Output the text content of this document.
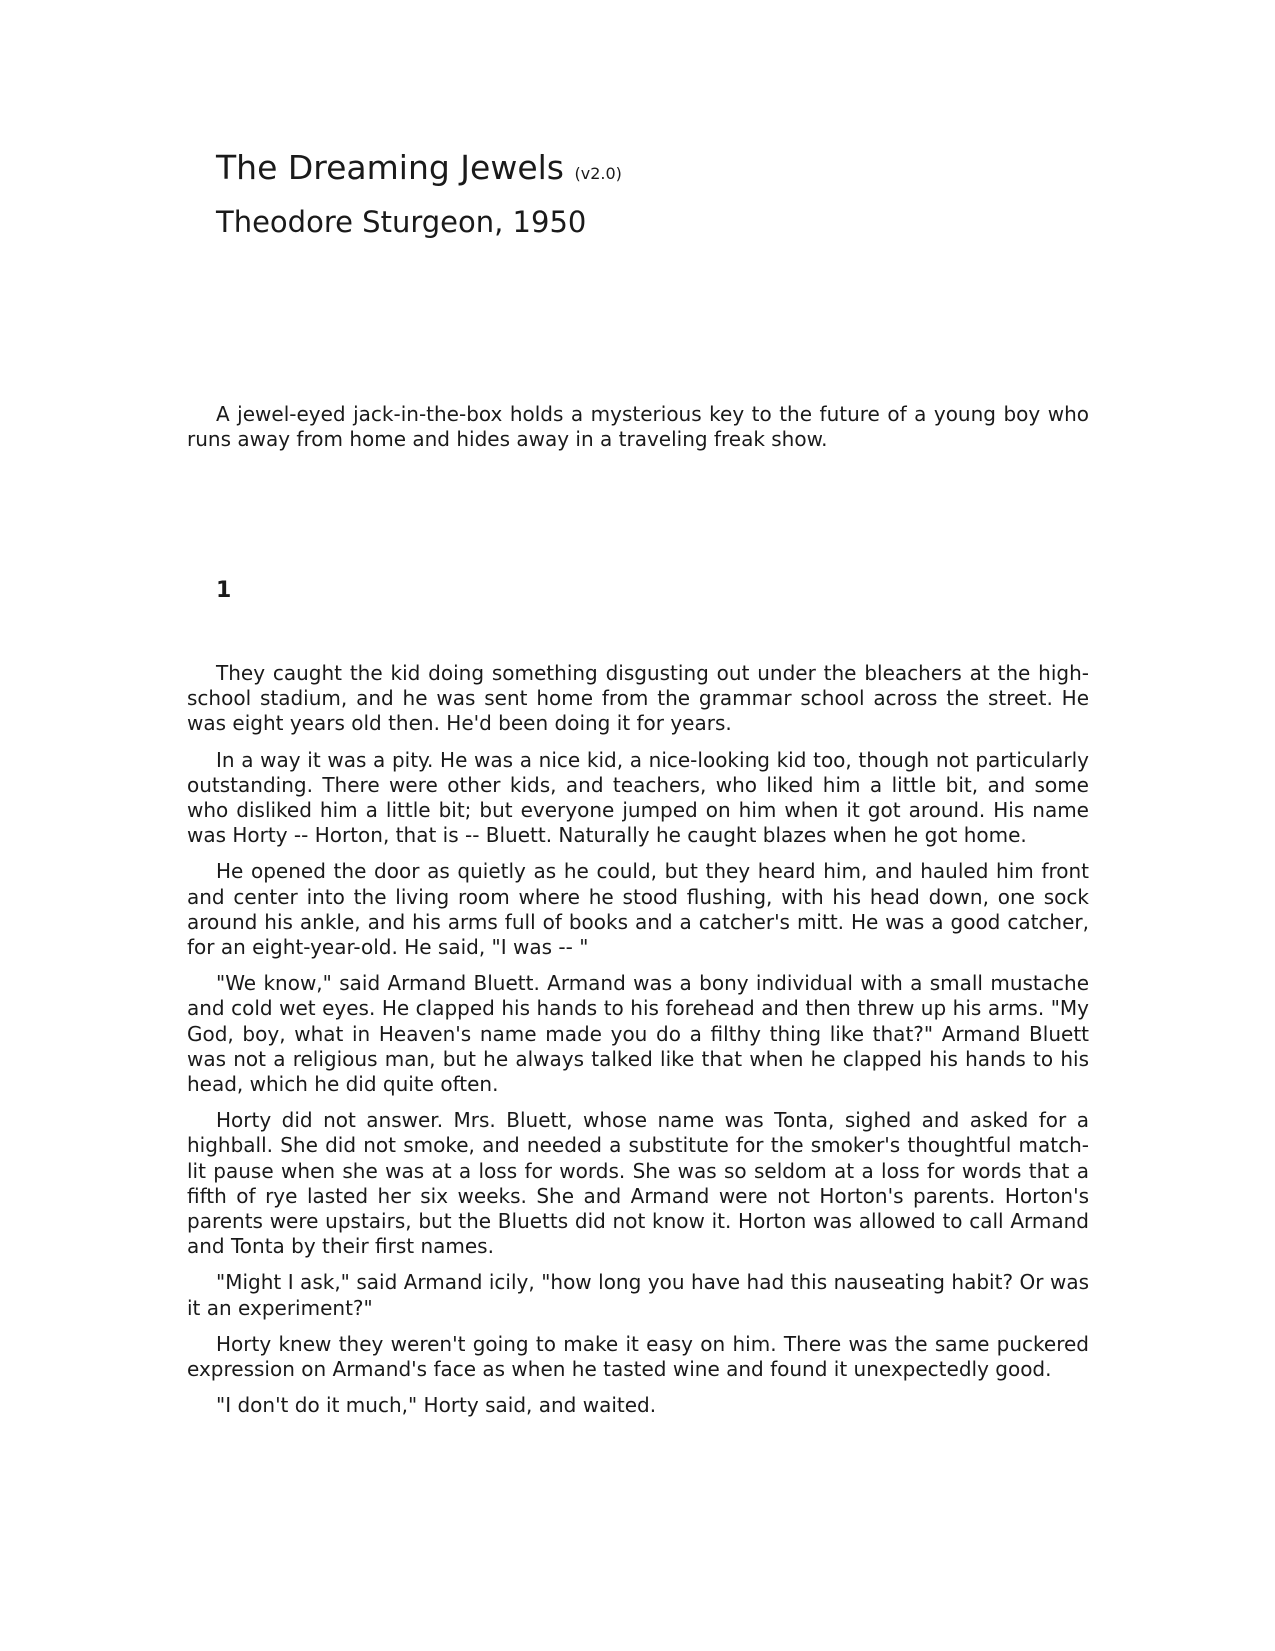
The Dreaming Jewels (v2.0)
Theodore Sturgeon, 1950

A jewel-eyed jack-in-the-box holds a mysterious key to the future of a young boy who runs away from home and hides away in a traveling freak show.

1

They caught the kid doing something disgusting out under the bleachers at the high-school stadium, and he was sent home from the grammar school across the street. He was eight years old then. He'd been doing it for years.

In a way it was a pity. He was a nice kid, a nice-looking kid too, though not particularly outstanding. There were other kids, and teachers, who liked him a little bit, and some who disliked him a little bit; but everyone jumped on him when it got around. His name was Horty -- Horton, that is -- Bluett. Naturally he caught blazes when he got home.

He opened the door as quietly as he could, but they heard him, and hauled him front and center into the living room where he stood flushing, with his head down, one sock around his ankle, and his arms full of books and a catcher's mitt. He was a good catcher, for an eight-year-old. He said, "I was -- "

"We know," said Armand Bluett. Armand was a bony individual with a small mustache and cold wet eyes. He clapped his hands to his forehead and then threw up his arms. "My God, boy, what in Heaven's name made you do a filthy thing like that?" Armand Bluett was not a religious man, but he always talked like that when he clapped his hands to his head, which he did quite often.

Horty did not answer. Mrs. Bluett, whose name was Tonta, sighed and asked for a highball. She did not smoke, and needed a substitute for the smoker's thoughtful match-lit pause when she was at a loss for words. She was so seldom at a loss for words that a fifth of rye lasted her six weeks. She and Armand were not Horton's parents. Horton's parents were upstairs, but the Bluetts did not know it. Horton was allowed to call Armand and Tonta by their first names.

"Might I ask," said Armand icily, "how long you have had this nauseating habit? Or was it an experiment?"

Horty knew they weren't going to make it easy on him. There was the same puckered expression on Armand's face as when he tasted wine and found it unexpectedly good.

"I don't do it much," Horty said, and waited.
